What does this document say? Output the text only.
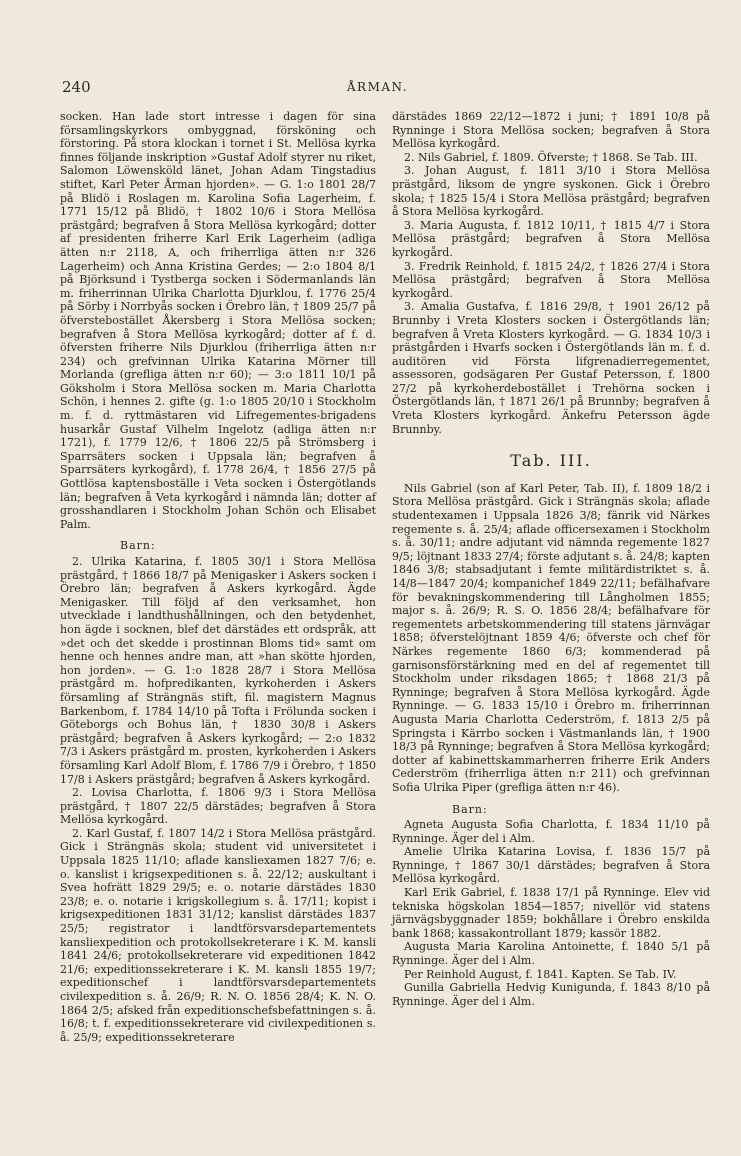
240	ÅRMAN.

socken. Han lade stort intresse i dagen för sina församlingskyrkors ombyggnad, försköning och förstoring. På stora klockan i tornet i St. Mellösa kyrka finnes följande inskription »Gustaf Adolf styrer nu riket, Salomon Löwensköld länet, Johan Adam Tingstadius stiftet, Karl Peter Årman hjorden». — G. 1:o 1801 28/7 på Blidö i Roslagen m. Karolina Sofia Lagerheim, f. 1771 15/12 på Blidö, † 1802 10/6 i Stora Mellösa prästgård; begrafven å Stora Mellösa kyrkogård; dotter af presidenten friherre Karl Erik Lagerheim (adliga ätten n:r 2118, A, och friherrliga ätten n:r 326 Lagerheim) och Anna Kristina Gerdes; — 2:o 1804 8/1 på Björksund i Tystberga socken i Södermanlands län m. friherrinnan Ulrika Charlotta Djurklou, f. 1776 25/4 på Sörby i Norrbyås socken i Örebro län, † 1809 25/7 på öfverstebostället Åkersberg i Stora Mellösa socken; begrafven å Stora Mellösa kyrkogård; dotter af f. d. öfversten friherre Nils Djurklou (friherrliga ätten n:r 234) och grefvinnan Ulrika Katarina Mörner till Morlanda (grefliga ätten n:r 60); — 3:o 1811 10/1 på Göksholm i Stora Mellösa socken m. Maria Charlotta Schön, i hennes 2. gifte (g. 1:o 1805 20/10 i Stockholm m. f. d. ryttmästaren vid Lifregementes-brigadens husarkår Gustaf Vilhelm Ingelotz (adliga ätten n:r 1721), f. 1779 12/6, † 1806 22/5 på Strömsberg i Sparrsäters socken i Uppsala län; begrafven å Sparrsäters kyrkogård), f. 1778 26/4, † 1856 27/5 på Gottlösa kaptensboställe i Veta socken i Östergötlands län; begrafven å Veta kyrkogård i nämnda län; dotter af grosshandlaren i Stockholm Johan Schön och Elisabet Palm.

Barn:

2. Ulrika Katarina, f. 1805 30/1 i Stora Mellösa prästgård, † 1866 18/7 på Menigasker i Askers socken i Örebro län; begrafven å Askers kyrkogård. Ägde Menigasker. Till följd af den verksamhet, hon utvecklade i landthushållningen, och den betydenhet, hon ägde i socknen, blef det därstädes ett ordspråk, att »det och det skedde i prostinnan Bloms tid» samt om henne och hennes andre man, att »han skötte hjorden, hon jorden». — G. 1:o 1828 28/7 i Stora Mellösa prästgård m. hofpredikanten, kyrkoherden i Askers församling af Strängnäs stift, fil. magistern Magnus Barkenbom, f. 1784 14/10 på Tofta i Frölunda socken i Göteborgs och Bohus län, † 1830 30/8 i Askers prästgård; begrafven å Askers kyrkogård; — 2:o 1832 7/3 i Askers prästgård m. prosten, kyrkoherden i Askers församling Karl Adolf Blom, f. 1786 7/9 i Örebro, † 1850 17/8 i Askers prästgård; begrafven å Askers kyrkogård.

2. Lovisa Charlotta, f. 1806 9/3 i Stora Mellösa prästgård, † 1807 22/5 därstädes; begrafven å Stora Mellösa kyrkogård.

2. Karl Gustaf, f. 1807 14/2 i Stora Mellösa prästgård. Gick i Strängnäs skola; student vid universitetet i Uppsala 1825 11/10; aflade kansliexamen 1827 7/6; e. o. kanslist i krigsexpeditionen s. å. 22/12; auskultant i Svea hofrätt 1829 29/5; e. o. notarie därstädes 1830 23/8; e. o. notarie i krigskollegium s. å. 17/11; kopist i krigsexpeditionen 1831 31/12; kanslist därstädes 1837 25/5; registrator i landtförsvarsdepartementets kansliexpedition och protokollsekreterare i K. M. kansli 1841 24/6; protokollsekreterare vid expeditionen 1842 21/6; expeditionssekreterare i K. M. kansli 1855 19/7; expeditionschef i landtförsvarsdepartementets civilexpedition s. å. 26/9; R. N. O. 1856 28/4; K. N. O. 1864 2/5; afsked från expeditionschefsbefattningen s. å. 16/8; t. f. expeditionssekreterare vid civilexpeditionen s. å. 25/9; expeditionssekreterare

därstädes 1869 22/12—1872 i juni; † 1891 10/8 på Rynninge i Stora Mellösa socken; begrafven å Stora Mellösa kyrkogård.

2. Nils Gabriel, f. 1809. Öfverste; † 1868. Se Tab. III.

3. Johan August, f. 1811 3/10 i Stora Mellösa prästgård, liksom de yngre syskonen. Gick i Örebro skola; † 1825 15/4 i Stora Mellösa prästgård; begrafven å Stora Mellösa kyrkogård.

3. Maria Augusta, f. 1812 10/11, † 1815 4/7 i Stora Mellösa prästgård; begrafven å Stora Mellösa kyrkogård.

3. Fredrik Reinhold, f. 1815 24/2, † 1826 27/4 i Stora Mellösa prästgård; begrafven å Stora Mellösa kyrkogård.

3. Amalia Gustafva, f. 1816 29/8, † 1901 26/12 på Brunnby i Vreta Klosters socken i Östergötlands län; begrafven å Vreta Klosters kyrkogård. — G. 1834 10/3 i prästgården i Hvarfs socken i Östergötlands län m. f. d. auditören vid Första lifgrenadierregementet, assessoren, godsägaren Per Gustaf Petersson, f. 1800 27/2 på kyrkoherdebostället i Trehörna socken i Östergötlands län, † 1871 26/1 på Brunnby; begrafven å Vreta Klosters kyrkogård. Änkefru Petersson ägde Brunnby.

Tab. III.

Nils Gabriel (son af Karl Peter, Tab. II), f. 1809 18/2 i Stora Mellösa prästgård. Gick i Strängnäs skola; aflade studentexamen i Uppsala 1826 3/8; fänrik vid Närkes regemente s. å. 25/4; aflade officersexamen i Stockholm s. å. 30/11; andre adjutant vid nämnda regemente 1827 9/5; löjtnant 1833 27/4; förste adjutant s. å. 24/8; kapten 1846 3/8; stabsadjutant i femte militärdistriktet s. å. 14/8—1847 20/4; kompanichef 1849 22/11; befälhafvare för bevakningskommendering till Långholmen 1855; major s. å. 26/9; R. S. O. 1856 28/4; befälhafvare för regementets arbetskommendering till statens järnvägar 1858; öfverstelöjtnant 1859 4/6; öfverste och chef för Närkes regemente 1860 6/3; kommenderad på garnisonsförstärkning med en del af regementet till Stockholm under riksdagen 1865; † 1868 21/3 på Rynninge; begrafven å Stora Mellösa kyrkogård. Ägde Rynninge. — G. 1833 15/10 i Örebro m. friherrinnan Augusta Maria Charlotta Cederström, f. 1813 2/5 på Springsta i Kärrbo socken i Västmanlands län, † 1900 18/3 på Rynninge; begrafven å Stora Mellösa kyrkogård; dotter af kabinettskammarherren friherre Erik Anders Cederström (friherrliga ätten n:r 211) och grefvinnan Sofia Ulrika Piper (grefliga ätten n:r 46).

Barn:

Agneta Augusta Sofia Charlotta, f. 1834 11/10 på Rynninge. Äger del i Alm.

Amelie Ulrika Katarina Lovisa, f. 1836 15/7 på Rynninge, † 1867 30/1 därstädes; begrafven å Stora Mellösa kyrkogård.

Karl Erik Gabriel, f. 1838 17/1 på Rynninge. Elev vid tekniska högskolan 1854—1857; nivellör vid statens järnvägsbyggnader 1859; bokhållare i Örebro enskilda bank 1868; kassakontrollant 1879; kassör 1882.

Augusta Maria Karolina Antoinette, f. 1840 5/1 på Rynninge. Äger del i Alm.

Per Reinhold August, f. 1841. Kapten. Se Tab. IV.

Gunilla Gabriella Hedvig Kunigunda, f. 1843 8/10 på Rynninge. Äger del i Alm.
